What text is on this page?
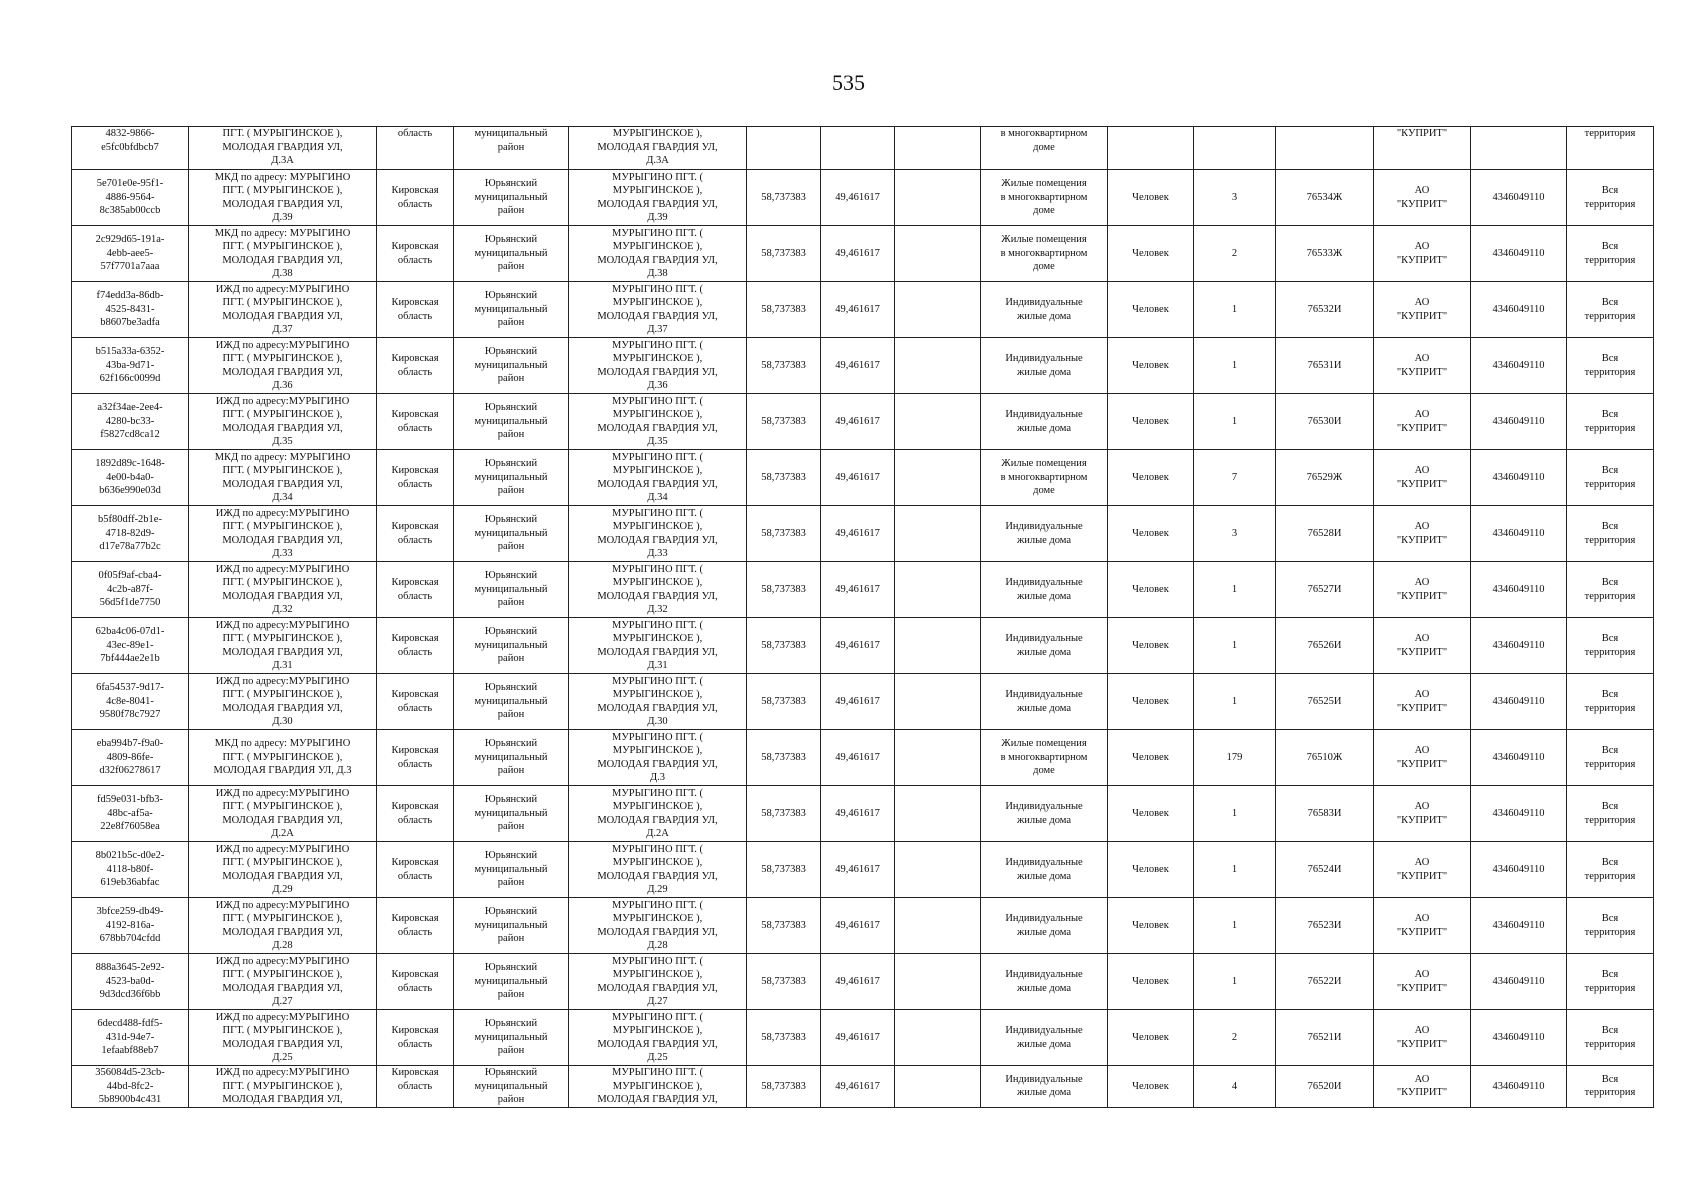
535
4832-9866-
e5fc0bfdbcb7	ПГТ. ( МУРЫГИНСКОЕ ),
МОЛОДАЯ ГВАРДИЯ УЛ,
Д.3А	область	муниципальный
район	МУРЫГИНСКОЕ ),
МОЛОДАЯ ГВАРДИЯ УЛ,
Д.3А				в многоквартирном
доме				"КУПРИТ"		территория
5e701e0e-95f1-
4886-9564-
8c385ab00ccb	МКД по адресу: МУРЫГИНО
ПГТ. ( МУРЫГИНСКОЕ ),
МОЛОДАЯ ГВАРДИЯ УЛ,
Д.39	Кировская
область	Юрьянский
муниципальный
район	МУРЫГИНО ПГТ. (
МУРЫГИНСКОЕ ),
МОЛОДАЯ ГВАРДИЯ УЛ,
Д.39	58,737383	49,461617		Жилые помещения
в многоквартирном
доме	Человек	3	76534Ж	АО
"КУПРИТ"	4346049110	Вся
территория
2c929d65-191a-
4ebb-aee5-
57f7701a7aaa	МКД по адресу: МУРЫГИНО
ПГТ. ( МУРЫГИНСКОЕ ),
МОЛОДАЯ ГВАРДИЯ УЛ,
Д.38	Кировская
область	Юрьянский
муниципальный
район	МУРЫГИНО ПГТ. (
МУРЫГИНСКОЕ ),
МОЛОДАЯ ГВАРДИЯ УЛ,
Д.38	58,737383	49,461617		Жилые помещения
в многоквартирном
доме	Человек	2	76533Ж	АО
"КУПРИТ"	4346049110	Вся
территория
f74edd3a-86db-
4525-8431-
b8607be3adfa	ИЖД по адресу:МУРЫГИНО
ПГТ. ( МУРЫГИНСКОЕ ),
МОЛОДАЯ ГВАРДИЯ УЛ,
Д.37	Кировская
область	Юрьянский
муниципальный
район	МУРЫГИНО ПГТ. (
МУРЫГИНСКОЕ ),
МОЛОДАЯ ГВАРДИЯ УЛ,
Д.37	58,737383	49,461617		Индивидуальные
жилые дома	Человек	1	76532И	АО
"КУПРИТ"	4346049110	Вся
территория
b515a33a-6352-
43ba-9d71-
62f166c0099d	ИЖД по адресу:МУРЫГИНО
ПГТ. ( МУРЫГИНСКОЕ ),
МОЛОДАЯ ГВАРДИЯ УЛ,
Д.36	Кировская
область	Юрьянский
муниципальный
район	МУРЫГИНО ПГТ. (
МУРЫГИНСКОЕ ),
МОЛОДАЯ ГВАРДИЯ УЛ,
Д.36	58,737383	49,461617		Индивидуальные
жилые дома	Человек	1	76531И	АО
"КУПРИТ"	4346049110	Вся
территория
a32f34ae-2ee4-
4280-bc33-
f5827cd8ca12	ИЖД по адресу:МУРЫГИНО
ПГТ. ( МУРЫГИНСКОЕ ),
МОЛОДАЯ ГВАРДИЯ УЛ,
Д.35	Кировская
область	Юрьянский
муниципальный
район	МУРЫГИНО ПГТ. (
МУРЫГИНСКОЕ ),
МОЛОДАЯ ГВАРДИЯ УЛ,
Д.35	58,737383	49,461617		Индивидуальные
жилые дома	Человек	1	76530И	АО
"КУПРИТ"	4346049110	Вся
территория
1892d89c-1648-
4e00-b4a0-
b636e990e03d	МКД по адресу: МУРЫГИНО
ПГТ. ( МУРЫГИНСКОЕ ),
МОЛОДАЯ ГВАРДИЯ УЛ,
Д.34	Кировская
область	Юрьянский
муниципальный
район	МУРЫГИНО ПГТ. (
МУРЫГИНСКОЕ ),
МОЛОДАЯ ГВАРДИЯ УЛ,
Д.34	58,737383	49,461617		Жилые помещения
в многоквартирном
доме	Человек	7	76529Ж	АО
"КУПРИТ"	4346049110	Вся
территория
b5f80dff-2b1e-
4718-82d9-
d17e78a77b2c	ИЖД по адресу:МУРЫГИНО
ПГТ. ( МУРЫГИНСКОЕ ),
МОЛОДАЯ ГВАРДИЯ УЛ,
Д.33	Кировская
область	Юрьянский
муниципальный
район	МУРЫГИНО ПГТ. (
МУРЫГИНСКОЕ ),
МОЛОДАЯ ГВАРДИЯ УЛ,
Д.33	58,737383	49,461617		Индивидуальные
жилые дома	Человек	3	76528И	АО
"КУПРИТ"	4346049110	Вся
территория
0f05f9af-cba4-
4c2b-a87f-
56d5f1de7750	ИЖД по адресу:МУРЫГИНО
ПГТ. ( МУРЫГИНСКОЕ ),
МОЛОДАЯ ГВАРДИЯ УЛ,
Д.32	Кировская
область	Юрьянский
муниципальный
район	МУРЫГИНО ПГТ. (
МУРЫГИНСКОЕ ),
МОЛОДАЯ ГВАРДИЯ УЛ,
Д.32	58,737383	49,461617		Индивидуальные
жилые дома	Человек	1	76527И	АО
"КУПРИТ"	4346049110	Вся
территория
62ba4c06-07d1-
43ec-89e1-
7bf444ae2e1b	ИЖД по адресу:МУРЫГИНО
ПГТ. ( МУРЫГИНСКОЕ ),
МОЛОДАЯ ГВАРДИЯ УЛ,
Д.31	Кировская
область	Юрьянский
муниципальный
район	МУРЫГИНО ПГТ. (
МУРЫГИНСКОЕ ),
МОЛОДАЯ ГВАРДИЯ УЛ,
Д.31	58,737383	49,461617		Индивидуальные
жилые дома	Человек	1	76526И	АО
"КУПРИТ"	4346049110	Вся
территория
6fa54537-9d17-
4c8e-8041-
9580f78c7927	ИЖД по адресу:МУРЫГИНО
ПГТ. ( МУРЫГИНСКОЕ ),
МОЛОДАЯ ГВАРДИЯ УЛ,
Д.30	Кировская
область	Юрьянский
муниципальный
район	МУРЫГИНО ПГТ. (
МУРЫГИНСКОЕ ),
МОЛОДАЯ ГВАРДИЯ УЛ,
Д.30	58,737383	49,461617		Индивидуальные
жилые дома	Человек	1	76525И	АО
"КУПРИТ"	4346049110	Вся
территория
eba994b7-f9a0-
4809-86fe-
d32f06278617	МКД по адресу: МУРЫГИНО
ПГТ. ( МУРЫГИНСКОЕ ),
МОЛОДАЯ ГВАРДИЯ УЛ, Д.3	Кировская
область	Юрьянский
муниципальный
район	МУРЫГИНО ПГТ. (
МУРЫГИНСКОЕ ),
МОЛОДАЯ ГВАРДИЯ УЛ,
Д.3	58,737383	49,461617		Жилые помещения
в многоквартирном
доме	Человек	179	76510Ж	АО
"КУПРИТ"	4346049110	Вся
территория
fd59e031-bfb3-
48bc-af5a-
22e8f76058ea	ИЖД по адресу:МУРЫГИНО
ПГТ. ( МУРЫГИНСКОЕ ),
МОЛОДАЯ ГВАРДИЯ УЛ,
Д.2А	Кировская
область	Юрьянский
муниципальный
район	МУРЫГИНО ПГТ. (
МУРЫГИНСКОЕ ),
МОЛОДАЯ ГВАРДИЯ УЛ,
Д.2А	58,737383	49,461617		Индивидуальные
жилые дома	Человек	1	76583И	АО
"КУПРИТ"	4346049110	Вся
территория
8b021b5c-d0e2-
4118-b80f-
619eb36abfac	ИЖД по адресу:МУРЫГИНО
ПГТ. ( МУРЫГИНСКОЕ ),
МОЛОДАЯ ГВАРДИЯ УЛ,
Д.29	Кировская
область	Юрьянский
муниципальный
район	МУРЫГИНО ПГТ. (
МУРЫГИНСКОЕ ),
МОЛОДАЯ ГВАРДИЯ УЛ,
Д.29	58,737383	49,461617		Индивидуальные
жилые дома	Человек	1	76524И	АО
"КУПРИТ"	4346049110	Вся
территория
3bfce259-db49-
4192-816a-
678bb704cfdd	ИЖД по адресу:МУРЫГИНО
ПГТ. ( МУРЫГИНСКОЕ ),
МОЛОДАЯ ГВАРДИЯ УЛ,
Д.28	Кировская
область	Юрьянский
муниципальный
район	МУРЫГИНО ПГТ. (
МУРЫГИНСКОЕ ),
МОЛОДАЯ ГВАРДИЯ УЛ,
Д.28	58,737383	49,461617		Индивидуальные
жилые дома	Человек	1	76523И	АО
"КУПРИТ"	4346049110	Вся
территория
888a3645-2e92-
4523-ba0d-
9d3dcd36f6bb	ИЖД по адресу:МУРЫГИНО
ПГТ. ( МУРЫГИНСКОЕ ),
МОЛОДАЯ ГВАРДИЯ УЛ,
Д.27	Кировская
область	Юрьянский
муниципальный
район	МУРЫГИНО ПГТ. (
МУРЫГИНСКОЕ ),
МОЛОДАЯ ГВАРДИЯ УЛ,
Д.27	58,737383	49,461617		Индивидуальные
жилые дома	Человек	1	76522И	АО
"КУПРИТ"	4346049110	Вся
территория
6decd488-fdf5-
431d-94e7-
1efaabf88eb7	ИЖД по адресу:МУРЫГИНО
ПГТ. ( МУРЫГИНСКОЕ ),
МОЛОДАЯ ГВАРДИЯ УЛ,
Д.25	Кировская
область	Юрьянский
муниципальный
район	МУРЫГИНО ПГТ. (
МУРЫГИНСКОЕ ),
МОЛОДАЯ ГВАРДИЯ УЛ,
Д.25	58,737383	49,461617		Индивидуальные
жилые дома	Человек	2	76521И	АО
"КУПРИТ"	4346049110	Вся
территория
356084d5-23cb-
44bd-8fc2-
5b8900b4c431	ИЖД по адресу:МУРЫГИНО
ПГТ. ( МУРЫГИНСКОЕ ),
МОЛОДАЯ ГВАРДИЯ УЛ,	Кировская
область	Юрьянский
муниципальный
район	МУРЫГИНО ПГТ. (
МУРЫГИНСКОЕ ),
МОЛОДАЯ ГВАРДИЯ УЛ,	58,737383	49,461617		Индивидуальные
жилые дома	Человек	4	76520И	АО
"КУПРИТ"	4346049110	Вся
территория
